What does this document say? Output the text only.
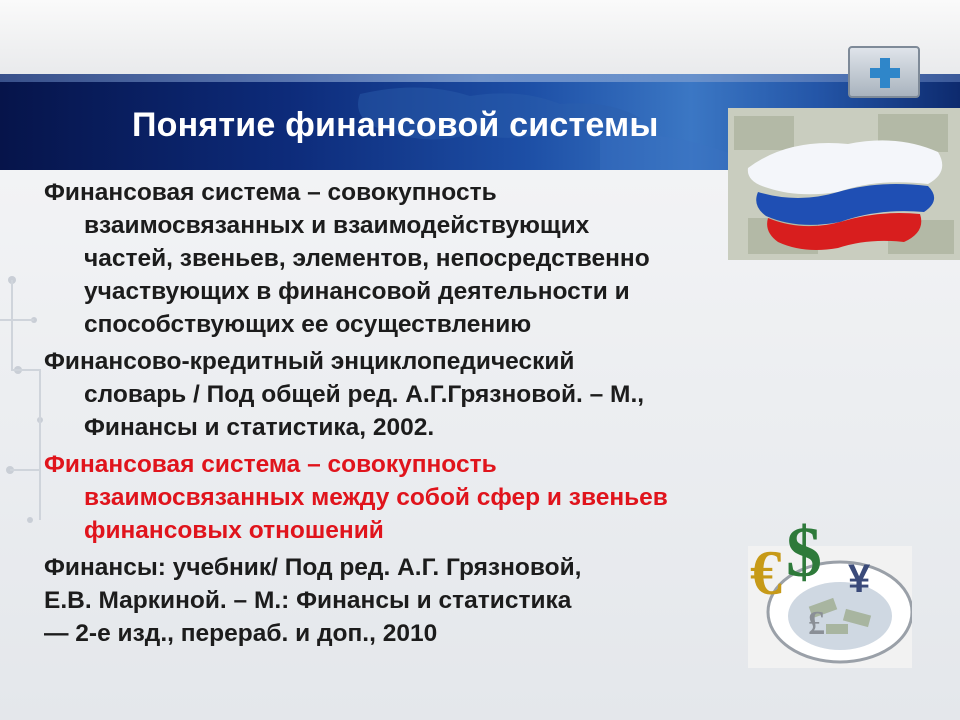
Понятие финансовой системы
Финансовая система – совокупность
взаимосвязанных и взаимодействующих
частей, звеньев, элементов, непосредственно
участвующих в финансовой деятельности и
способствующих ее осуществлению
Финансово-кредитный энциклопедический
словарь / Под общей ред. А.Г.Грязновой. – М.,
Финансы и статистика, 2002.
Финансовая система – совокупность
взаимосвязанных между собой сфер и звеньев
финансовых отношений
Финансы: учебник/ Под ред. А.Г. Грязновой,
Е.В. Маркиной. – М.: Финансы и статистика
— 2-е изд., перераб. и доп., 2010
€ $ ¥
£
